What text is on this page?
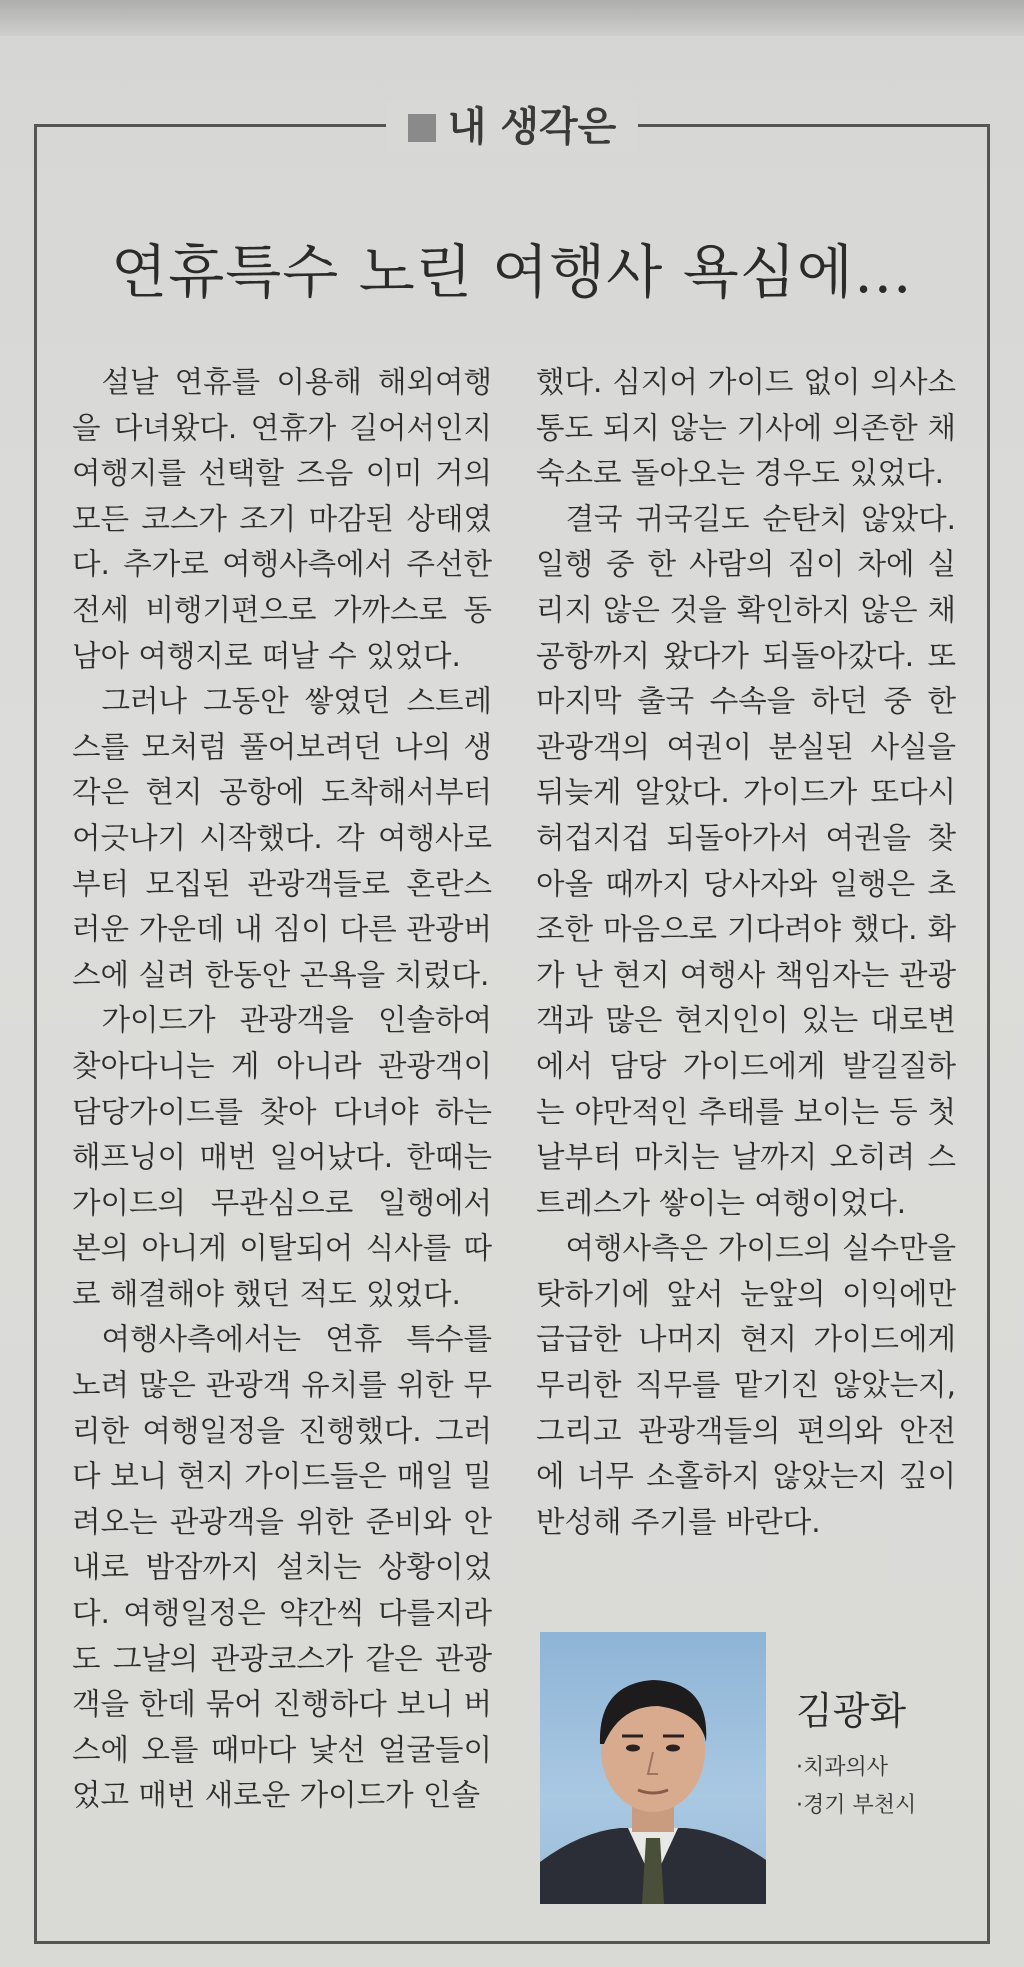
내 생각은
연휴특수 노린 여행사 욕심에…

설날 연휴를 이용해 해외여행을 다녀왔다. 연휴가 길어서인지 여행지를 선택할 즈음 이미 거의 모든 코스가 조기 마감된 상태였다. 추가로 여행사측에서 주선한 전세 비행기편으로 가까스로 동남아 여행지로 떠날 수 있었다.

그러나 그동안 쌓였던 스트레스를 모처럼 풀어보려던 나의 생각은 현지 공항에 도착해서부터 어긋나기 시작했다. 각 여행사로부터 모집된 관광객들로 혼란스러운 가운데 내 짐이 다른 관광버스에 실려 한동안 곤욕을 치렀다.

가이드가 관광객을 인솔하여 찾아다니는 게 아니라 관광객이 담당가이드를 찾아 다녀야 하는 해프닝이 매번 일어났다. 한때는 가이드의 무관심으로 일행에서 본의 아니게 이탈되어 식사를 따로 해결해야 했던 적도 있었다.

여행사측에서는 연휴 특수를 노려 많은 관광객 유치를 위한 무리한 여행일정을 진행했다. 그러다 보니 현지 가이드들은 매일 밀려오는 관광객을 위한 준비와 안내로 밤잠까지 설치는 상황이었다. 여행일정은 약간씩 다를지라도 그날의 관광코스가 같은 관광객을 한데 묶어 진행하다 보니 버스에 오를 때마다 낯선 얼굴들이었고 매번 새로운 가이드가 인솔

했다. 심지어 가이드 없이 의사소통도 되지 않는 기사에 의존한 채 숙소로 돌아오는 경우도 있었다.

결국 귀국길도 순탄치 않았다. 일행 중 한 사람의 짐이 차에 실리지 않은 것을 확인하지 않은 채 공항까지 왔다가 되돌아갔다. 또 마지막 출국 수속을 하던 중 한 관광객의 여권이 분실된 사실을 뒤늦게 알았다. 가이드가 또다시 허겁지겁 되돌아가서 여권을 찾아올 때까지 당사자와 일행은 초조한 마음으로 기다려야 했다. 화가 난 현지 여행사 책임자는 관광객과 많은 현지인이 있는 대로변에서 담당 가이드에게 발길질하는 야만적인 추태를 보이는 등 첫날부터 마치는 날까지 오히려 스트레스가 쌓이는 여행이었다.

여행사측은 가이드의 실수만을 탓하기에 앞서 눈앞의 이익에만 급급한 나머지 현지 가이드에게 무리한 직무를 맡기진 않았는지, 그리고 관광객들의 편의와 안전에 너무 소홀하지 않았는지 깊이 반성해 주기를 바란다.

김광화
·치과의사
·경기 부천시
